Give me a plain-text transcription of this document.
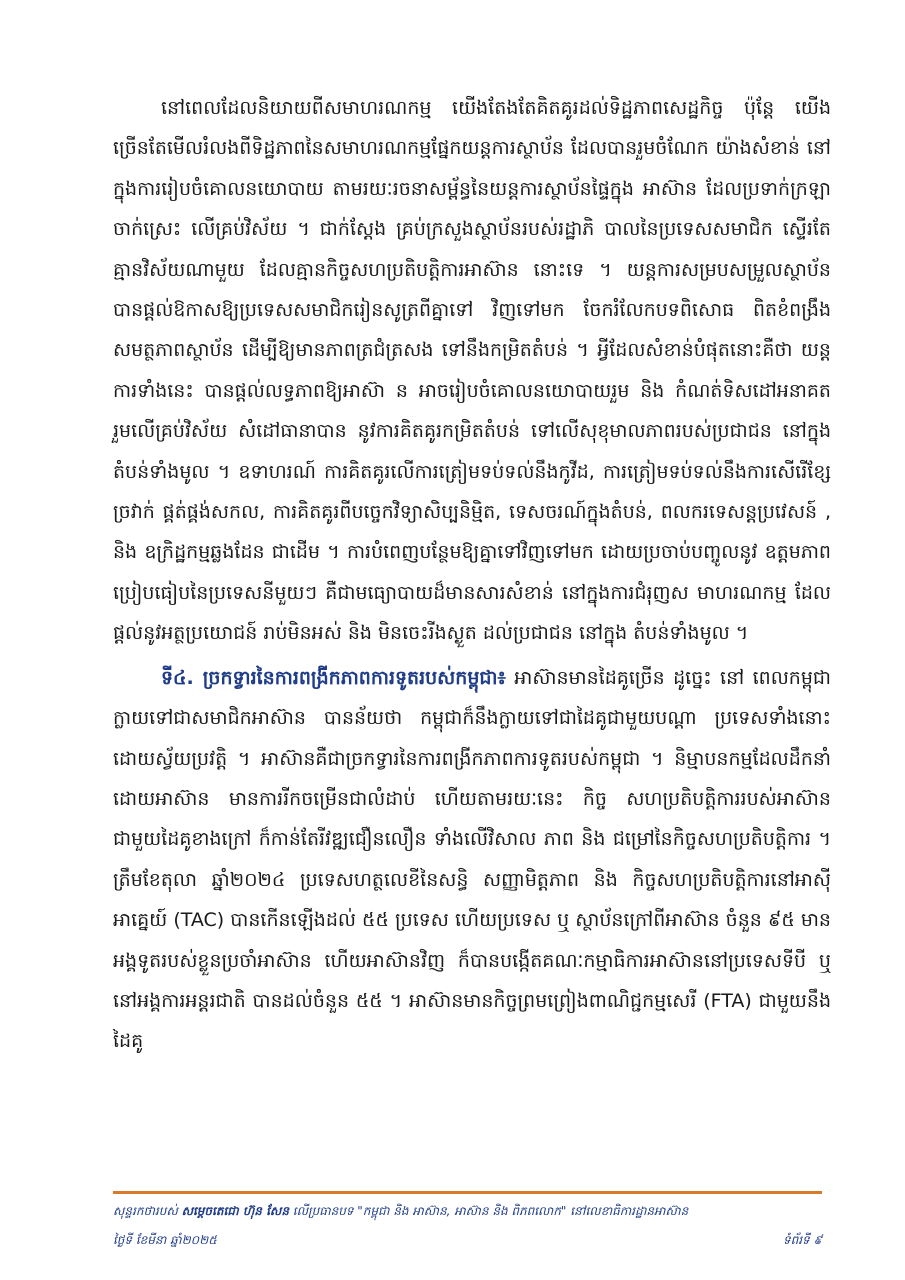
នៅពេលដែលនិយាយពីសមាហរណកម្ម យើងតែងតែគិតគូរដល់ទិដ្ឋភាពសេដ្ឋកិច្ច ប៉ុន្តែ យើងច្រើនតែមើលរំលងពីទិដ្ឋភាពនៃសមាហរណកម្មផ្នែកយន្តការស្ថាប័ន ដែលបានរួមចំណែក យ៉ាងសំខាន់ នៅក្នុងការរៀបចំគោលនយោបាយ តាមរយៈរចនាសម្ព័ន្ធនៃយន្តការស្ថាប័នផ្ទៃក្នុង អាស៊ាន ដែលប្រទាក់ក្រឡាចាក់ស្រេះ លើគ្រប់វិស័យ ។ ជាក់ស្ដែង គ្រប់ក្រសួងស្ថាប័នរបស់រដ្ឋាភិ បាលនៃប្រទេសសមាជិក ស្ទើរតែគ្មានវិស័យណាមួយ ដែលគ្មានកិច្ចសហប្រតិបត្តិការអាស៊ាន នោះទេ ។ យន្តការសម្របសម្រួលស្ថាប័ន បានផ្ដល់ឱកាសឱ្យប្រទេសសមាជិករៀនសូត្រពីគ្នាទៅ វិញទៅមក ចែករំលែកបទពិសោធ ពិតខំពង្រឹងសមត្ថភាពស្ថាប័ន ដើម្បីឱ្យមានភាពត្រជំត្រសង ទៅនឹងកម្រិតតំបន់ ។ អ្វីដែលសំខាន់បំផុតនោះគឺថា យន្តការទាំងនេះ បានផ្ដល់លទ្ធភាពឱ្យអាស៊ា ន អាចរៀបចំគោលនយោបាយរួម និង កំណត់ទិសដៅអនាគតរួមលើគ្រប់វិស័យ សំដៅធានាបាន នូវការគិតគូរកម្រិតតំបន់ ទៅលើសុខុមាលភាពរបស់ប្រជាជន នៅក្នុងតំបន់ទាំងមូល ។ ឧទាហរណ៍ ការគិតគូរលើការត្រៀមទប់ទល់នឹងកូវីដ, ការត្រៀមទប់ទល់នឹងការសើរើខ្សែច្រវាក់ ផ្គត់ផ្គង់សកល, ការគិតគូរពីបច្ចេកវិទ្យាសិប្បនិម្មិត, ទេសចរណ៍ក្នុងតំបន់, ពលករទេសន្តប្រវេសន៍ , និង ឧក្រិដ្ឋកម្មឆ្លងដែន ជាដើម ។ ការបំពេញបន្ថែមឱ្យគ្នាទៅវិញទៅមក ដោយប្រចាប់បញ្ចូលនូវ ឧត្តមភាពប្រៀបធៀបនៃប្រទេសនីមួយៗ គឺជាមធ្យោបាយដ៏មានសារសំខាន់ នៅក្នុងការជំរុញស មាហរណកម្ម ដែលផ្ដល់នូវអត្ថប្រយោជន៍ រាប់មិនអស់ និង មិនចេះរីងស្ងួត ដល់ប្រជាជន នៅក្នុង តំបន់ទាំងមូល ។

ទី៤. ច្រកទ្វារនៃការពង្រីកភាពការទូតរបស់កម្ពុជា៖ អាស៊ានមានដៃគូច្រើន ដូច្នេះ នៅ ពេលកម្ពុជាក្លាយទៅជាសមាជិកអាស៊ាន បានន័យថា កម្ពុជាក៏នឹងក្លាយទៅជាដៃគូជាមួយបណ្ដា ប្រទេសទាំងនោះ ដោយស្វ័យប្រវត្តិ ។ អាស៊ានគឺជាច្រកទ្វារនៃការពង្រីកភាពការទូតរបស់កម្ពុជា ។ និម្មាបនកម្មដែលដឹកនាំដោយអាស៊ាន មានការរីកចម្រើនជាលំដាប់ ហើយតាមរយៈនេះ កិច្ច សហប្រតិបត្តិការរបស់អាស៊ាន ជាមួយដៃគូខាងក្រៅ ក៏កាន់តែរីវឌ្ឍជឿនលឿន ទាំងលើវិសាល ភាព និង ជម្រៅនៃកិច្ចសហប្រតិបត្តិការ ។ ត្រឹមខែតុលា ឆ្នាំ២០២៤ ប្រទេសហត្ថលេខីនៃសន្ធិ សញ្ញាមិត្តភាព និង កិច្ចសហប្រតិបត្តិការនៅអាស៊ីអាគ្នេយ៍ (TAC) បានកើនឡើងដល់ ៥៥ ប្រទេស ហើយប្រទេស ឬ ស្ថាប័នក្រៅពីអាស៊ាន ចំនួន ៩៥ មានអង្គទូតរបស់ខ្លួនប្រចាំអាស៊ាន ហើយអាស៊ានវិញ ក៏បានបង្កើតគណៈកម្មាធិការអាស៊ាននៅប្រទេសទីបី ឬ នៅអង្គការអន្តរជាតិ បានដល់ចំនួន ៥៥ ។ អាស៊ានមានកិច្ចព្រមព្រៀងពាណិជ្ជកម្មសេរី (FTA) ជាមួយនឹងដៃគូ

សុន្ទរកថារបស់ សម្ដេចតេជោ ហ៊ុន សែន លើប្រធានបទ "កម្ពុជា និង អាស៊ាន, អាស៊ាន និង ពិភពលោក" នៅលេខាធិការដ្ឋានអាស៊ាន
ថ្ងៃទី ខែមីនា ឆ្នាំ២០២៥	ទំព័រទី ៩
